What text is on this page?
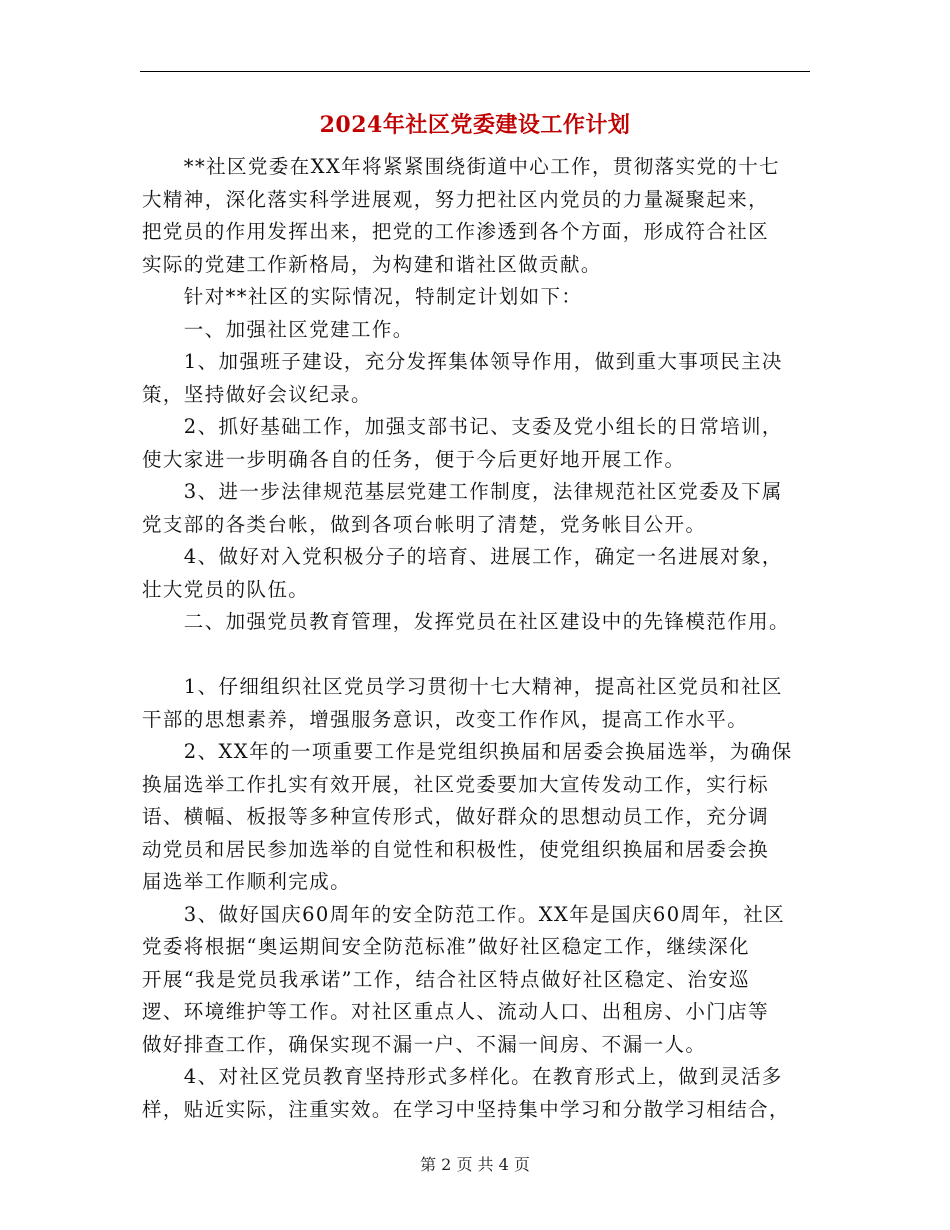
2024年社区党委建设工作计划
　　**社区党委在XX年将紧紧围绕街道中心工作，贯彻落实党的十七
大精神，深化落实科学进展观，努力把社区内党员的力量凝聚起来，
把党员的作用发挥出来，把党的工作渗透到各个方面，形成符合社区
实际的党建工作新格局，为构建和谐社区做贡献。
　　针对**社区的实际情况，特制定计划如下：
　　一、加强社区党建工作。
　　1、加强班子建设，充分发挥集体领导作用，做到重大事项民主决
策，坚持做好会议纪录。
　　2、抓好基础工作，加强支部书记、支委及党小组长的日常培训，
使大家进一步明确各自的任务，便于今后更好地开展工作。
　　3、进一步法律规范基层党建工作制度，法律规范社区党委及下属
党支部的各类台帐，做到各项台帐明了清楚，党务帐目公开。
　　4、做好对入党积极分子的培育、进展工作，确定一名进展对象，
壮大党员的队伍。
　　二、加强党员教育管理，发挥党员在社区建设中的先锋模范作用。
　　1、仔细组织社区党员学习贯彻十七大精神，提高社区党员和社区
干部的思想素养，增强服务意识，改变工作作风，提高工作水平。
　　2、XX年的一项重要工作是党组织换届和居委会换届选举，为确保
换届选举工作扎实有效开展，社区党委要加大宣传发动工作，实行标
语、横幅、板报等多种宣传形式，做好群众的思想动员工作，充分调
动党员和居民参加选举的自觉性和积极性，使党组织换届和居委会换
届选举工作顺利完成。
　　3、做好国庆60周年的安全防范工作。XX年是国庆60周年，社区
党委将根据“奥运期间安全防范标准”做好社区稳定工作，继续深化
开展“我是党员我承诺”工作，结合社区特点做好社区稳定、治安巡
逻、环境维护等工作。对社区重点人、流动人口、出租房、小门店等
做好排查工作，确保实现不漏一户、不漏一间房、不漏一人。
　　4、对社区党员教育坚持形式多样化。在教育形式上，做到灵活多
样，贴近实际，注重实效。在学习中坚持集中学习和分散学习相结合，
第 2 页 共 4 页
